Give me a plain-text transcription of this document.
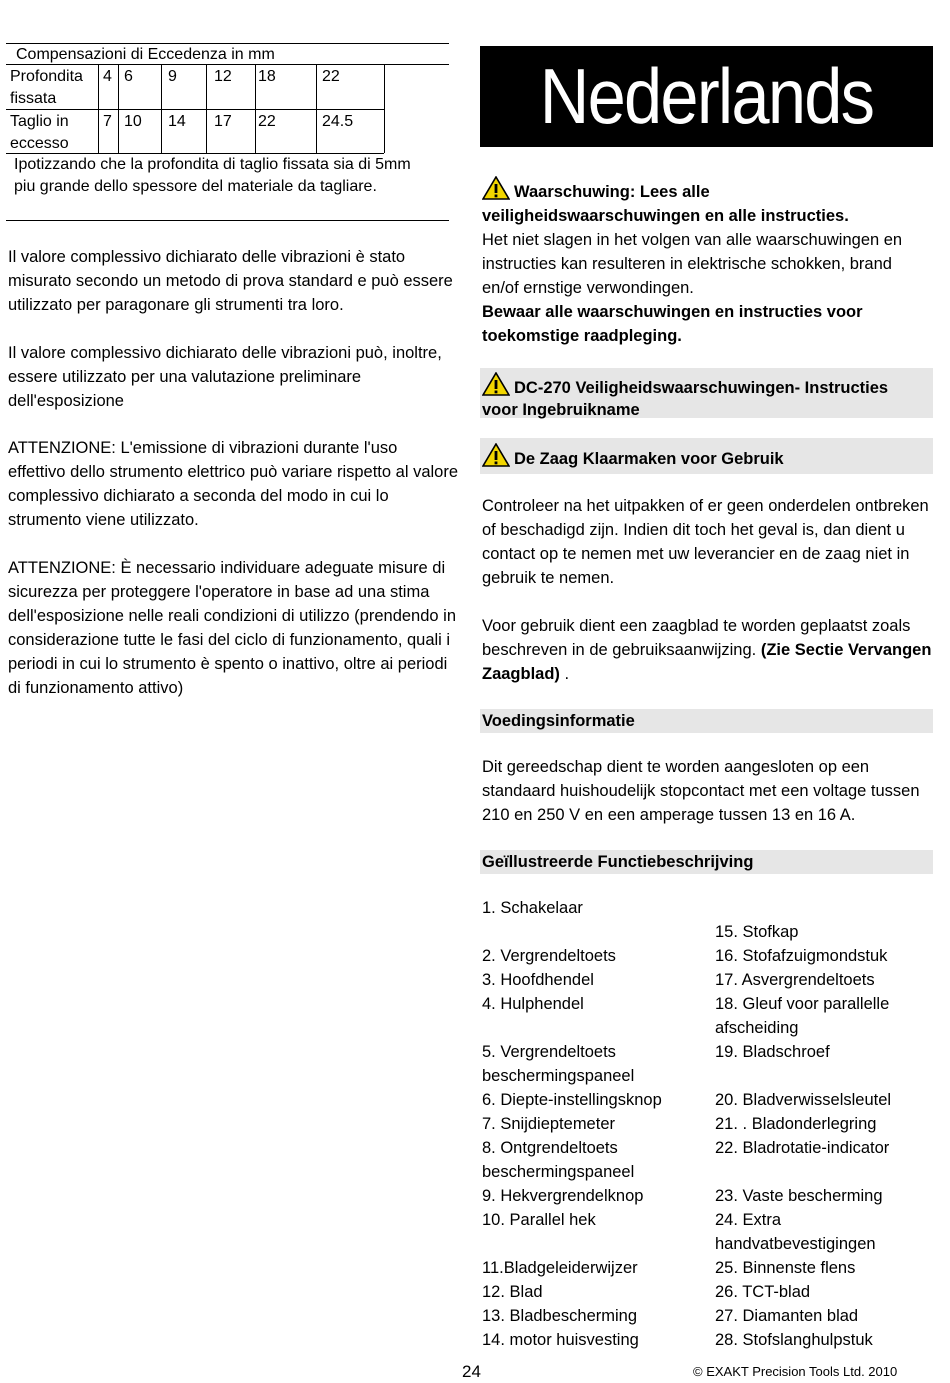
Compensazioni di Eccedenza in mm
Profondita
fissata
4 6 9 12 18	22
Taglio in
eccesso
7 10 14 17 22	24.5
Ipotizzando che la profondita di taglio fissata sia di 5mm
piu grande dello spessore del materiale da tagliare.

Il valore complessivo dichiarato delle vibrazioni è stato misurato secondo un metodo di prova standard e può essere utilizzato per paragonare gli strumenti tra loro.

Il valore complessivo dichiarato delle vibrazioni può, inoltre, essere utilizzato per una valutazione preliminare dell'esposizione

ATTENZIONE: L'emissione di vibrazioni durante l'uso effettivo dello strumento elettrico può variare rispetto al valore complessivo dichiarato a seconda del modo in cui lo strumento viene utilizzato.

ATTENZIONE: È necessario individuare adeguate misure di sicurezza per proteggere l'operatore in base ad una stima dell'esposizione nelle reali condizioni di utilizzo (prendendo in considerazione tutte le fasi del ciclo di funzionamento, quali i periodi in cui lo strumento è spento o inattivo, oltre ai periodi di funzionamento attivo)

Nederlands
Waarschuwing: Lees alle
veiligheidswaarschuwingen en alle instructies.
Het niet slagen in het volgen van alle waarschuwingen en instructies kan resulteren in elektrische schokken, brand en/of ernstige verwondingen.
Bewaar alle waarschuwingen en instructies voor toekomstige raadpleging.
DC-270 Veiligheidswaarschuwingen- Instructies
voor Ingebruikname
De Zaag Klaarmaken voor Gebruik

Controleer na het uitpakken of er geen onderdelen ontbreken of beschadigd zijn. Indien dit toch het geval is, dan dient u contact op te nemen met uw leverancier en de zaag niet in gebruik te nemen.

Voor gebruik dient een zaagblad te worden geplaatst zoals beschreven in de gebruiksaanwijzing. (Zie Sectie Vervangen Zaagblad) .

Voedingsinformatie

Dit gereedschap dient te worden aangesloten op een standaard huishoudelijk stopcontact met een voltage tussen 210 en 250 V en een amperage tussen 13 en 16 A.

Geïllustreerde Functiebeschrijving
1. Schakelaar
2. Vergrendeltoets
3. Hoofdhendel
4. Hulphendel
5. Vergrendeltoets
beschermingspaneel
6. Diepte-instellingsknop
7. Snijdieptemeter
8. Ontgrendeltoets
beschermingspaneel
9. Hekvergrendelknop
10. Parallel hek
11.Bladgeleiderwijzer
12. Blad
13. Bladbescherming
14. motor huisvesting
15. Stofkap
16. Stofafzuigmondstuk
17. Asvergrendeltoets
18. Gleuf voor parallelle
afscheiding
19. Bladschroef
20. Bladverwisselsleutel
21. . Bladonderlegring
22. Bladrotatie-indicator
23. Vaste bescherming
24. Extra
handvatbevestigingen
25. Binnenste flens
26. TCT-blad
27. Diamanten blad
28. Stofslanghulpstuk
24	© EXAKT Precision Tools Ltd. 2010
